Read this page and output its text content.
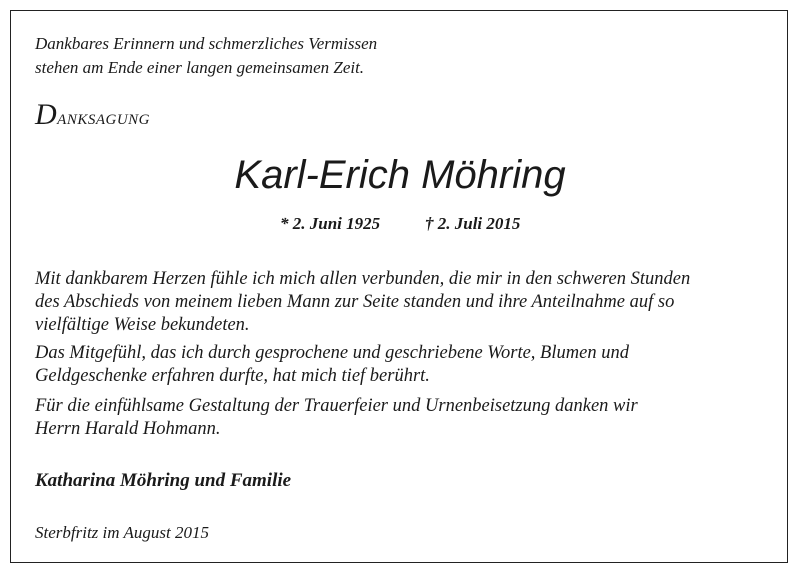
Dankbares Erinnern und schmerzliches Vermissen
stehen am Ende einer langen gemeinsamen Zeit.
Danksagung
Karl-Erich Möhring
* 2. Juni 1925	† 2. Juli 2015
Mit dankbarem Herzen fühle ich mich allen verbunden, die mir in den schweren Stunden
des Abschieds von meinem lieben Mann zur Seite standen und ihre Anteilnahme auf so
vielfältige Weise bekundeten.
Das Mitgefühl, das ich durch gesprochene und geschriebene Worte, Blumen und
Geldgeschenke erfahren durfte, hat mich tief berührt.
Für die einfühlsame Gestaltung der Trauerfeier und Urnenbeisetzung danken wir
Herrn Harald Hohmann.
Katharina Möhring und Familie
Sterbfritz im August 2015
